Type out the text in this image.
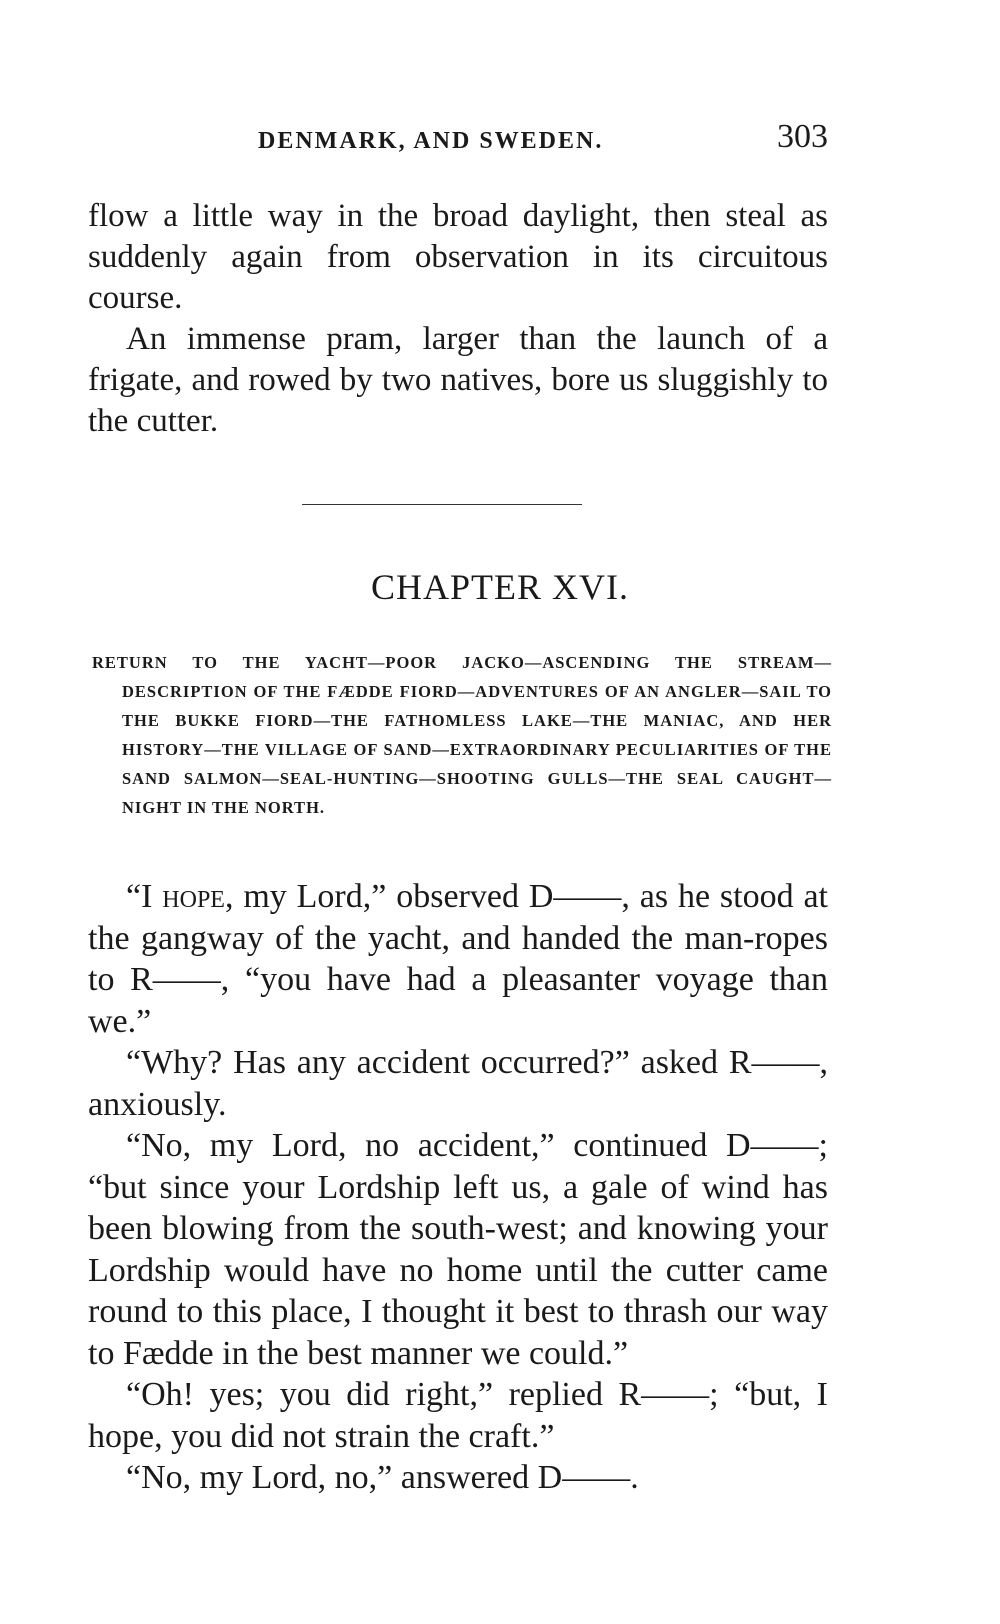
DENMARK, AND SWEDEN.	303

flow a little way in the broad daylight, then steal as suddenly again from observation in its circuitous course.

An immense pram, larger than the launch of a frigate, and rowed by two natives, bore us sluggishly to the cutter.

CHAPTER XVI.
RETURN TO THE YACHT—POOR JACKO—ASCENDING THE STREAM—DESCRIPTION OF THE FÆDDE FIORD—ADVENTURES OF AN ANGLER—SAIL TO THE BUKKE FIORD—THE FATHOMLESS LAKE—THE MANIAC, AND HER HISTORY—THE VILLAGE OF SAND—EXTRAORDINARY PECULIARITIES OF THE SAND SALMON—SEAL-HUNTING—SHOOTING GULLS—THE SEAL CAUGHT—NIGHT IN THE NORTH.

“I hope, my Lord,” observed D——, as he stood at the gangway of the yacht, and handed the man-ropes to R——, “you have had a pleasanter voyage than we.”

“Why? Has any accident occurred?” asked R——, anxiously.

“No, my Lord, no accident,” continued D——; “but since your Lordship left us, a gale of wind has been blowing from the south-west; and knowing your Lordship would have no home until the cutter came round to this place, I thought it best to thrash our way to Fædde in the best manner we could.”

“Oh! yes; you did right,” replied R——; “but, I hope, you did not strain the craft.”

“No, my Lord, no,” answered D——.
